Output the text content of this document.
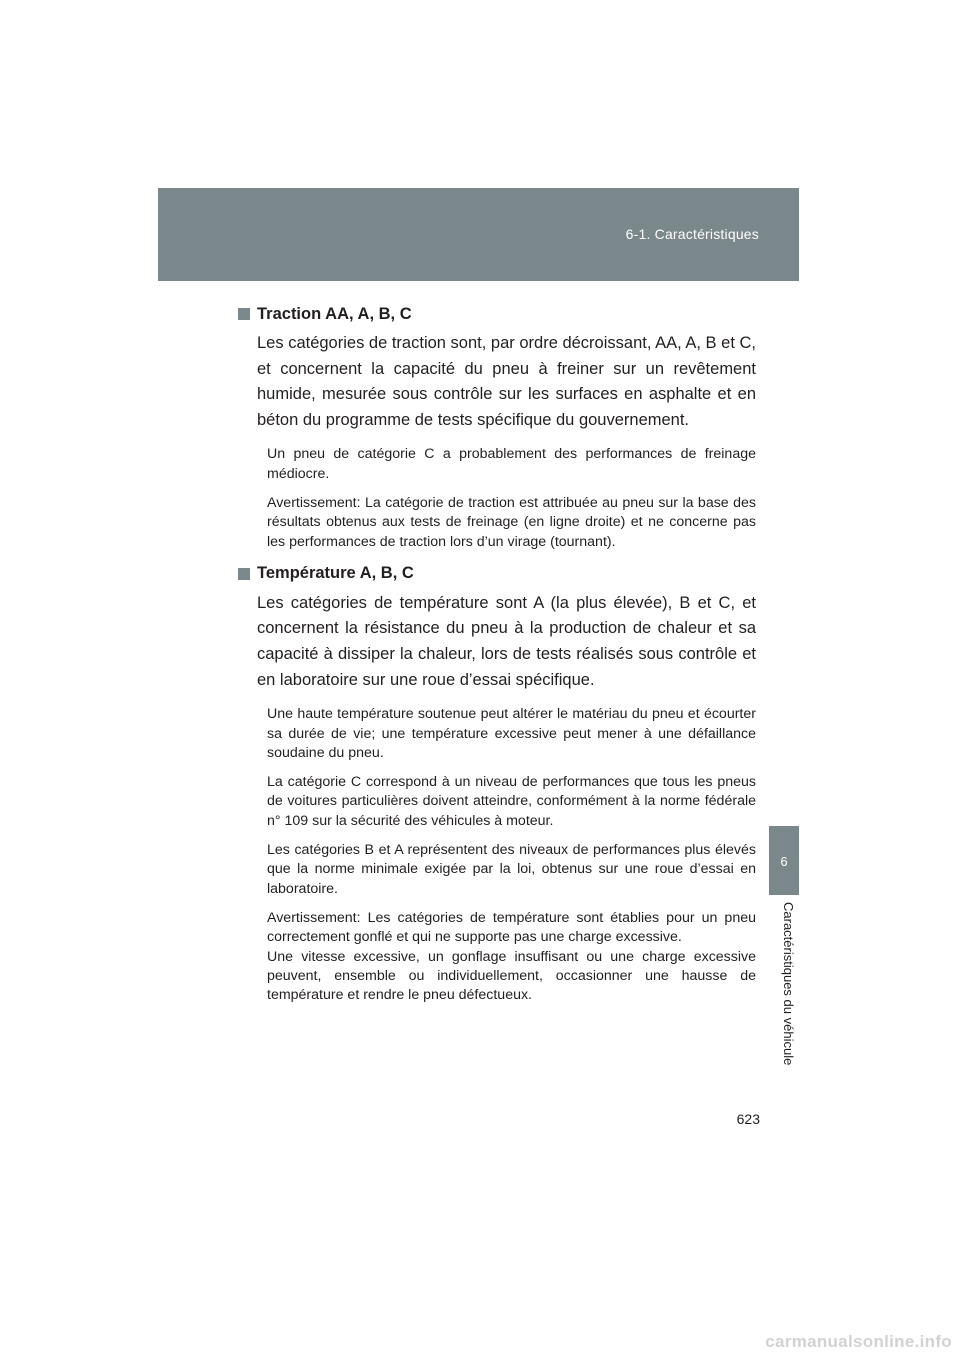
6-1. Caractéristiques
6
Caractéristiques du véhicule
Traction AA, A, B, C
Les catégories de traction sont, par ordre décroissant, AA, A, B et C, et concernent la capacité du pneu à freiner sur un revêtement humide, mesurée sous contrôle sur les surfaces en asphalte et en béton du programme de tests spécifique du gouvernement.
Un pneu de catégorie C a probablement des performances de freinage médiocre.
Avertissement: La catégorie de traction est attribuée au pneu sur la base des résultats obtenus aux tests de freinage (en ligne droite) et ne concerne pas les performances de traction lors d’un virage (tournant).
Température A, B, C
Les catégories de température sont A (la plus élevée), B et C, et concernent la résistance du pneu à la production de chaleur et sa capacité à dissiper la chaleur, lors de tests réalisés sous contrôle et en laboratoire sur une roue d’essai spécifique.
Une haute température soutenue peut altérer le matériau du pneu et écourter sa durée de vie; une température excessive peut mener à une défaillance soudaine du pneu.
La catégorie C correspond à un niveau de performances que tous les pneus de voitures particulières doivent atteindre, conformément à la norme fédérale n° 109 sur la sécurité des véhicules à moteur.
Les catégories B et A représentent des niveaux de performances plus élevés que la norme minimale exigée par la loi, obtenus sur une roue d’essai en laboratoire.
Avertissement: Les catégories de température sont établies pour un pneu correctement gonflé et qui ne supporte pas une charge excessive.
Une vitesse excessive, un gonflage insuffisant ou une charge excessive peuvent, ensemble ou individuellement, occasionner une hausse de température et rendre le pneu défectueux.
623
carmanualsonline.info
